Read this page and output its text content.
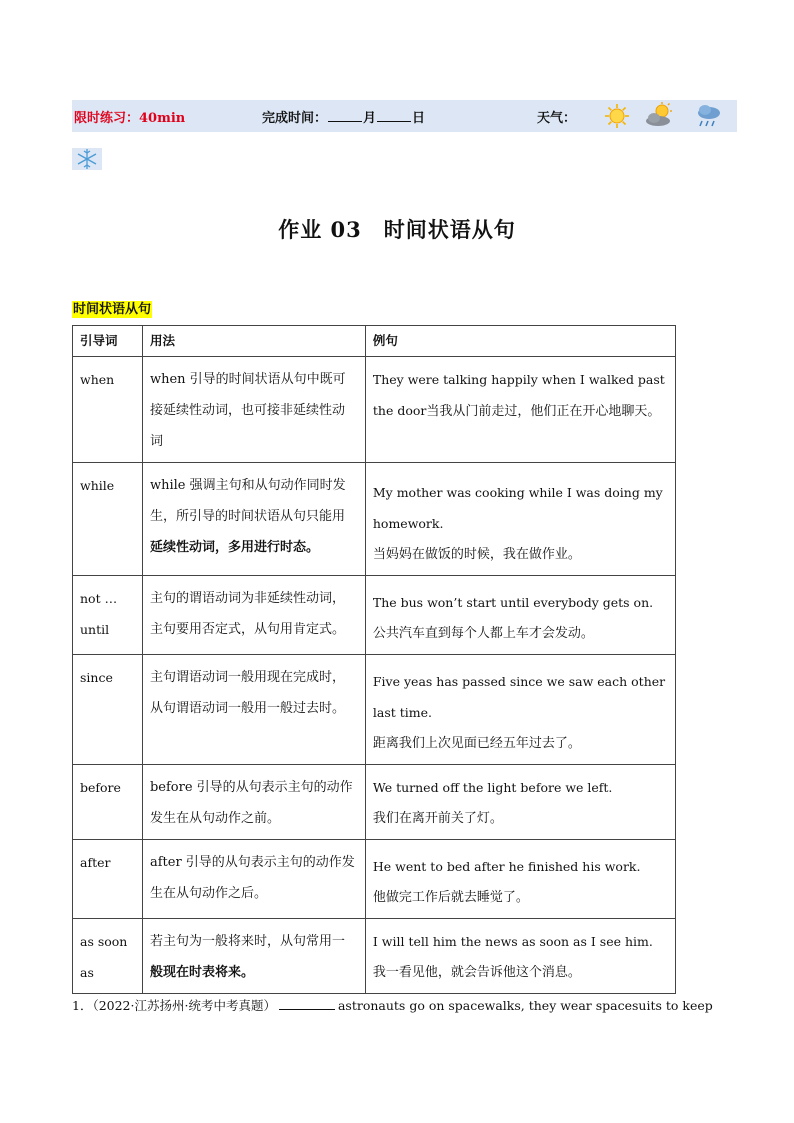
限时练习：40min	完成时间：	月	日	天气：
作业 03 时间状语从句
时间状语从句
引导词	用法	例句
when	when 引导的时间状语从句中既可接延续性动词，也可接非延续性动词	They were talking happily when I walked past the door当我从门前走过，他们正在开心地聊天。
while	while 强调主句和从句动作同时发生，所引导的时间状语从句只能用延续性动词，多用进行时态。	My mother was cooking while I was doing my homework.
当妈妈在做饭的时候，我在做作业。

not … until	主句的谓语动词为非延续性动词，主句要用否定式，从句用肯定式。	The bus won’t start until everybody gets on.
公共汽车直到每个人都上车才会发动。

since	主句谓语动词一般用现在完成时，从句谓语动词一般用一般过去时。	Five yeas has passed since we saw each other last time.
距离我们上次见面已经五年过去了。

before	before 引导的从句表示主句的动作发生在从句动作之前。	We turned off the light before we left.
我们在离开前关了灯。

after	after 引导的从句表示主句的动作发生在从句动作之后。	He went to bed after he finished his work.
他做完工作后就去睡觉了。

as soon as	若主句为一般将来时，从句常用一般现在时表将来。	I will tell him the news as soon as I see him.
我一看见他，就会告诉他这个消息。
1．（2022·江苏扬州·统考中考真题）	astronauts go on spacewalks, they wear spacesuits to keep
